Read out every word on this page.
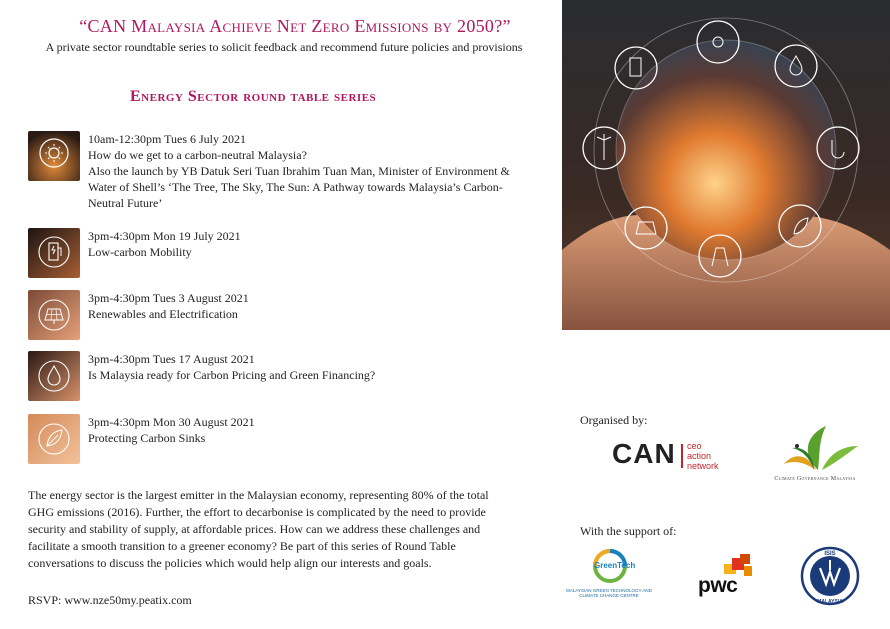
“CAN Malaysia Achieve Net Zero Emissions by 2050?”
A private sector roundtable series to solicit feedback and recommend future policies and provisions
Energy Sector round table series
10am-12:30pm Tues 6 July 2021
How do we get to a carbon-neutral Malaysia?
Also the launch by YB Datuk Seri Tuan Ibrahim Tuan Man, Minister of Environment & Water of Shell’s ‘The Tree, The Sky, The Sun: A Pathway towards Malaysia’s Carbon-Neutral Future’
3pm-4:30pm Mon 19 July 2021
Low-carbon Mobility
3pm-4:30pm Tues 3 August 2021
Renewables and Electrification
3pm-4:30pm Tues 17 August 2021
Is Malaysia ready for Carbon Pricing and Green Financing?
3pm-4:30pm Mon 30 August 2021
Protecting Carbon Sinks
The energy sector is the largest emitter in the Malaysian economy, representing 80% of the total GHG emissions (2016). Further, the effort to decarbonise is complicated by the need to provide security and stability of supply, at affordable prices. How can we address these challenges and facilitate a smooth transition to a greener economy? Be part of this series of Round Table conversations to discuss the policies which would help align our interests and goals.
RSVP: www.nze50my.peatix.com
Organised by:
CAN ceo
action
network
Climate Governance Malaysia
With the support of:
GreenTech
MALAYSIAN GREEN TECHNOLOGY AND CLIMATE CHANGE CENTRE	pwc
ISIS
MALAYSIA
